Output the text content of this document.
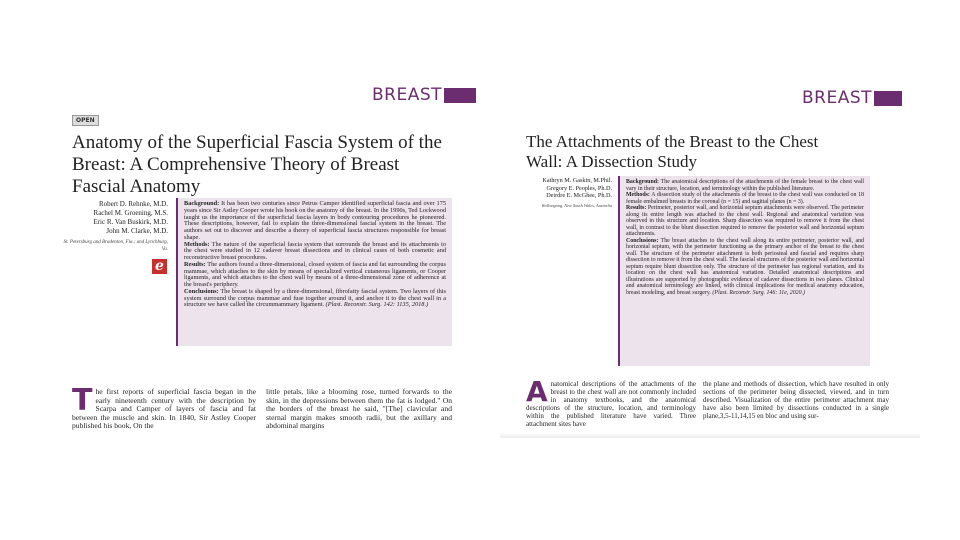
BREAST
OPEN
Anatomy of the Superficial Fascia System of the Breast: A Comprehensive Theory of Breast Fascial Anatomy
Robert D. Rehnke, M.D.
Rachel M. Groening, M.S.
Eric R. Van Buskirk, M.D.
John M. Clarke, M.D.
St. Petersburg and Bradenton, Fla.; and Lynchburg, Va.
e
Background: It has been two centuries since Petrus Camper identified superficial fascia and over 175 years since Sir Astley Cooper wrote his book on the anatomy of the breast. In the 1990s, Ted Lockwood taught us the importance of the superficial fascia layers in body contouring procedures he pioneered. These descriptions, however, fail to explain the three-dimensional fascial system in the breast. The authors set out to discover and describe a theory of superficial fascia structures responsible for breast shape.
Methods: The nature of the superficial fascia system that surrounds the breast and its attachments to the chest were studied in 12 cadaver breast dissections and in clinical cases of both cosmetic and reconstructive breast procedures.
Results: The authors found a three-dimensional, closed system of fascia and fat surrounding the corpus mammae, which attaches to the skin by means of specialized vertical cutaneous ligaments, or Cooper ligaments, and which attaches to the chest wall by means of a three-dimensional zone of adherence at the breast's periphery.
Conclusions: The breast is shaped by a three-dimensional, fibrofatty fascial system. Two layers of this system surround the corpus mammae and fuse together around it, and anchor it to the chest wall in a structure we have called the circummammary ligament. (Plast. Reconstr. Surg. 142: 1135, 2018.)
The first reports of superficial fascia began in the early nineteenth century with the description by Scarpa and Camper of layers of fascia and fat between the muscle and skin. In 1840, Sir Astley Cooper published his book, On the
little petals, like a blooming rose, turned forwards to the skin, in the depressions between them the fat is lodged." On the borders of the breast he said, "[The] clavicular and sternal margin makes smooth radii, but the axillary and abdominal margins
BREAST
The Attachments of the Breast to the Chest Wall: A Dissection Study
Kathryn M. Gaskin, M.Phil.
Gregory E. Peoples, Ph.D.
Deirdre E. McGhee, Ph.D.
Wollongong, New South Wales, Australia
Background: The anatomical descriptions of the attachments of the female breast to the chest wall vary in their structure, location, and terminology within the published literature.
Methods: A dissection study of the attachments of the breast to the chest wall was conducted on 18 female embalmed breasts in the coronal (n = 15) and sagittal planes (n = 3).
Results: Perimeter, posterior wall, and horizontal septum attachments were observed. The perimeter along its entire length was attached to the chest wall. Regional and anatomical variation was observed in this structure and location. Sharp dissection was required to remove it from the chest wall, in contrast to the blunt dissection required to remove the posterior wall and horizontal septum attachments.
Conclusions: The breast attaches to the chest wall along its entire perimeter, posterior wall, and horizontal septum, with the perimeter functioning as the primary anchor of the breast to the chest wall. The structure of the perimeter attachment is both periosteal and fascial and requires sharp dissection to remove it from the chest wall. The fascial structures of the posterior wall and horizontal septum require blunt dissection only. The structure of the perimeter has regional variation, and its location on the chest wall has anatomical variation. Detailed anatomical descriptions and illustrations are supported by photographic evidence of cadaver dissections in two planes. Clinical and anatomical terminology are linked, with clinical implications for medical anatomy education, breast modeling, and breast surgery. (Plast. Reconstr. Surg. 146: 11e, 2020.)
Anatomical descriptions of the attachments of the breast to the chest wall are not commonly included in anatomy textbooks, and the anatomical descriptions of the structure, location, and terminology within the published literature have varied. Three attachment sites have
the plane and methods of dissection, which have resulted in only sections of the perimeter being dissected, viewed, and in turn described. Visualization of the entire perimeter attachment may have also been limited by dissections conducted in a single plane,3,5-11,14,15 en bloc and using sur-
